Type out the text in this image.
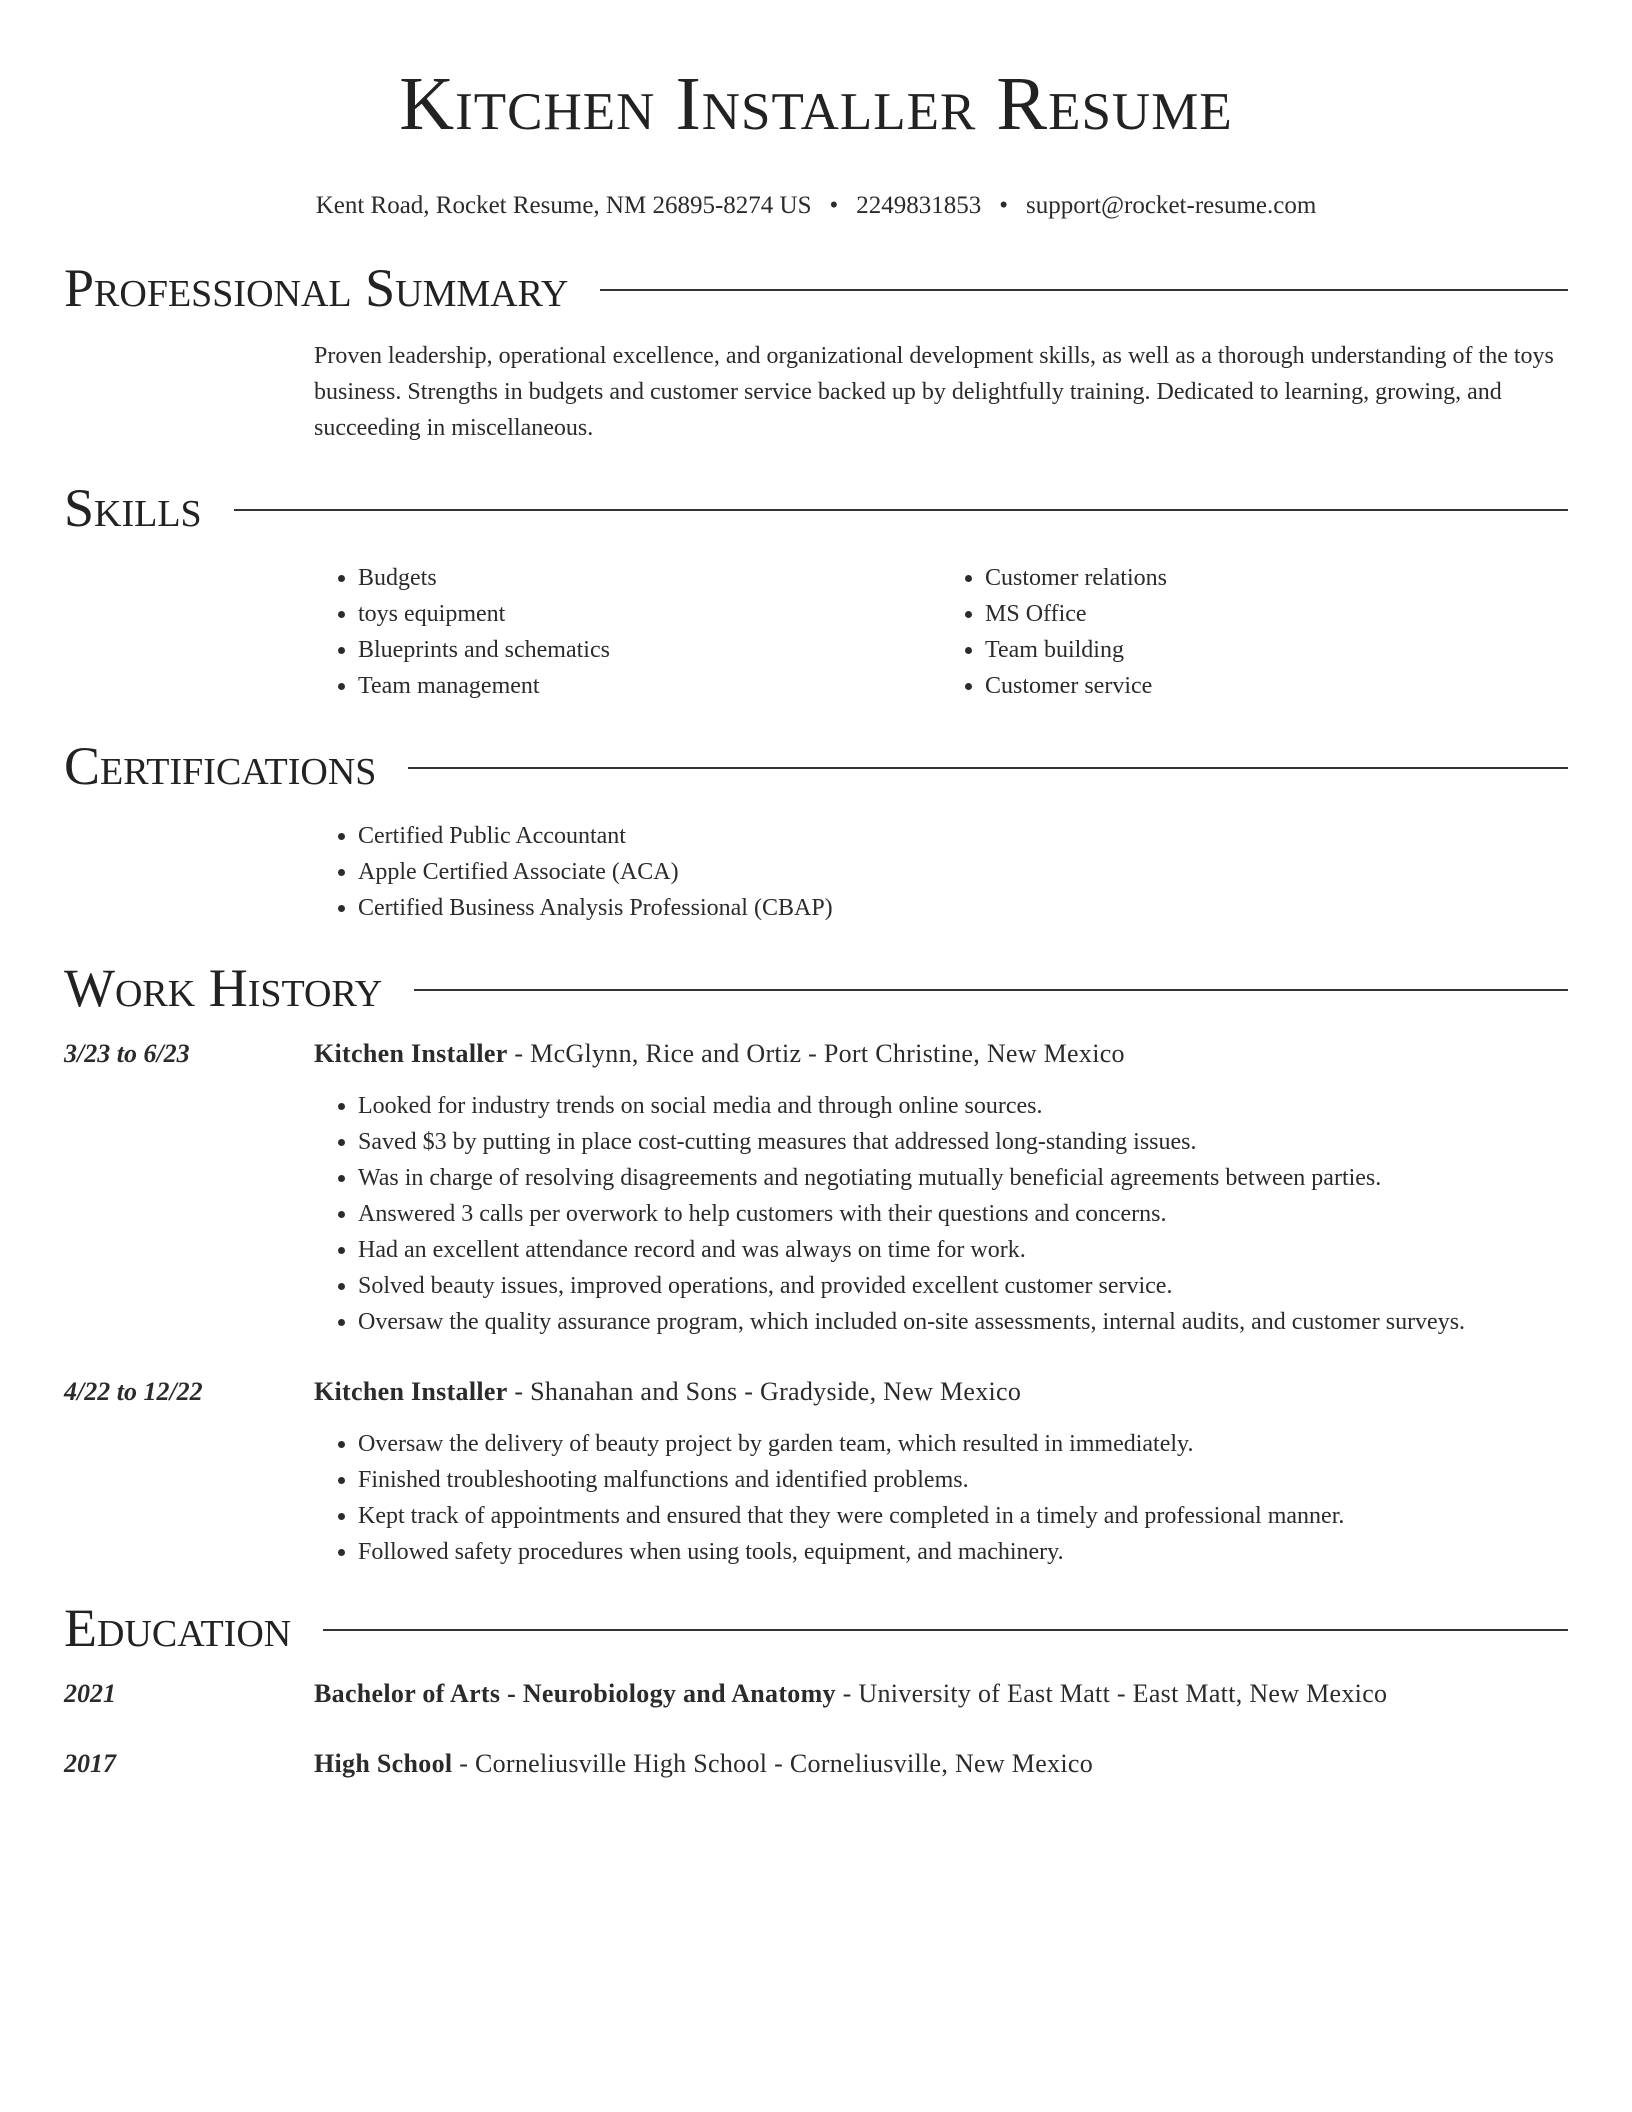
Kitchen Installer Resume
Kent Road, Rocket Resume, NM 26895-8274 US • 2249831853 • support@rocket-resume.com
Professional Summary

Proven leadership, operational excellence, and organizational development skills, as well as a thorough understanding of the toys business. Strengths in budgets and customer service backed up by delightfully training. Dedicated to learning, growing, and succeeding in miscellaneous.

Skills
• Budgets
• toys equipment
• Blueprints and schematics
• Team management
• Customer relations
• MS Office
• Team building
• Customer service
Certifications
• Certified Public Accountant
• Apple Certified Associate (ACA)
• Certified Business Analysis Professional (CBAP)
Work History
3/23 to 6/23	Kitchen Installer - McGlynn, Rice and Ortiz - Port Christine, New Mexico
• Looked for industry trends on social media and through online sources.
• Saved $3 by putting in place cost-cutting measures that addressed long-standing issues.
• Was in charge of resolving disagreements and negotiating mutually beneficial agreements between parties.
• Answered 3 calls per overwork to help customers with their questions and concerns.
• Had an excellent attendance record and was always on time for work.
• Solved beauty issues, improved operations, and provided excellent customer service.
• Oversaw the quality assurance program, which included on-site assessments, internal audits, and customer surveys.
4/22 to 12/22	Kitchen Installer - Shanahan and Sons - Gradyside, New Mexico
• Oversaw the delivery of beauty project by garden team, which resulted in immediately.
• Finished troubleshooting malfunctions and identified problems.
• Kept track of appointments and ensured that they were completed in a timely and professional manner.
• Followed safety procedures when using tools, equipment, and machinery.
Education
2021	Bachelor of Arts - Neurobiology and Anatomy - University of East Matt - East Matt, New Mexico
2017	High School - Corneliusville High School - Corneliusville, New Mexico
